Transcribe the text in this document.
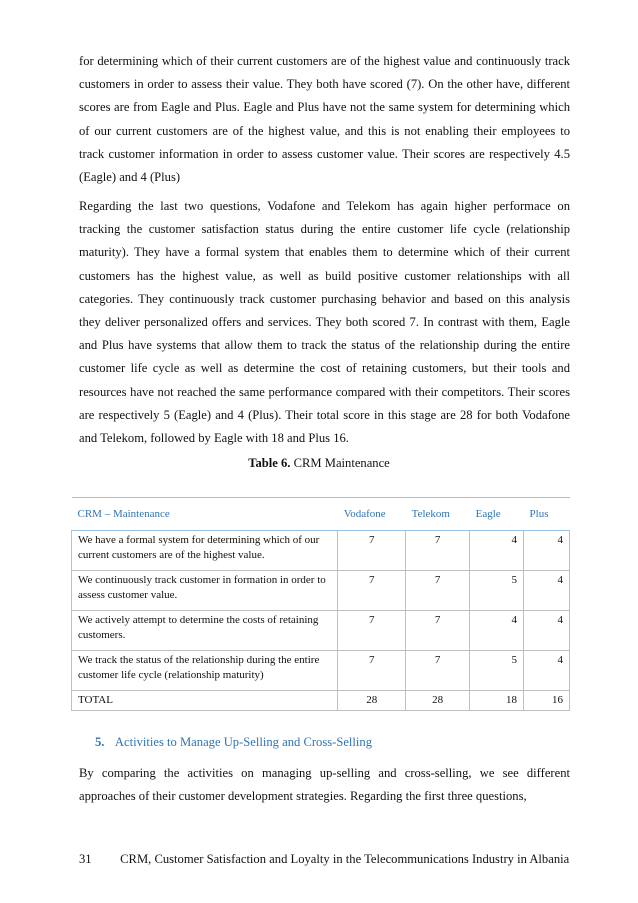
for determining which of their current customers are of the highest value and continuously track customers in order to assess their value. They both have scored (7). On the other have, different scores are from Eagle and Plus. Eagle and Plus have not the same system for determining which of our current customers are of the highest value, and this is not enabling their employees to track customer information in order to assess customer value. Their scores are respectively 4.5 (Eagle) and 4 (Plus)

Regarding the last two questions, Vodafone and Telekom has again higher performace on tracking the customer satisfaction status during the entire customer life cycle (relationship maturity). They have a formal system that enables them to determine which of their current customers has the highest value, as well as build positive customer relationships with all categories. They continuously track customer purchasing behavior and based on this analysis they deliver personalized offers and services. They both scored 7. In contrast with them, Eagle and Plus have systems that allow them to track the status of the relationship during the entire customer life cycle as well as determine the cost of retaining customers, but their tools and resources have not reached the same performance compared with their competitors. Their scores are respectively 5 (Eagle) and 4 (Plus). Their total score in this stage are 28 for both Vodafone and Telekom, followed by Eagle with 18 and Plus 16.

Table 6. CRM Maintenance
CRM – Maintenance	Vodafone	Telekom	Eagle	Plus
We have a formal system for determining which of our current customers are of the highest value.	7	7	4	4
We continuously track customer in formation in order to assess customer value.	7	7	5	4
We actively attempt to determine the costs of retaining customers.	7	7	4	4
We track the status of the relationship during the entire customer life cycle (relationship maturity)	7	7	5	4
TOTAL	28	28	18	16
5. Activities to Manage Up-Selling and Cross-Selling

By comparing the activities on managing up-selling and cross-selling, we see different approaches of their customer development strategies. Regarding the first three questions,

31 CRM, Customer Satisfaction and Loyalty in the Telecommunications Industry in Albania
